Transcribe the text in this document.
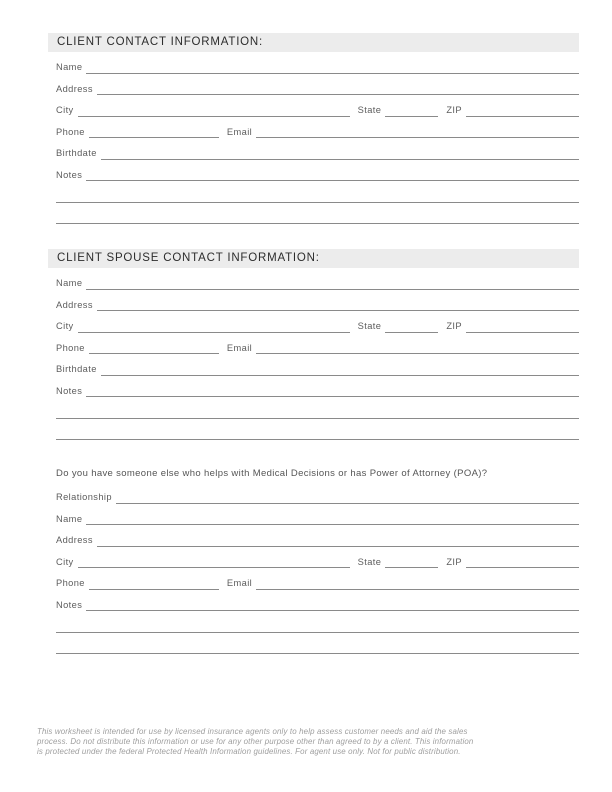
CLIENT CONTACT INFORMATION:
Name
Address
City	State	ZIP
Phone	Email
Birthdate
Notes
CLIENT SPOUSE CONTACT INFORMATION:
Name
Address
City	State	ZIP
Phone	Email
Birthdate
Notes
Do you have someone else who helps with Medical Decisions or has Power of Attorney (POA)?
Relationship
Name
Address
City	State	ZIP
Phone	Email
Notes
This worksheet is intended for use by licensed insurance agents only to help assess customer needs and aid the sales
process. Do not distribute this information or use for any other purpose other than agreed to by a client. This information
is protected under the federal Protected Health Information guidelines. For agent use only. Not for public distribution.
